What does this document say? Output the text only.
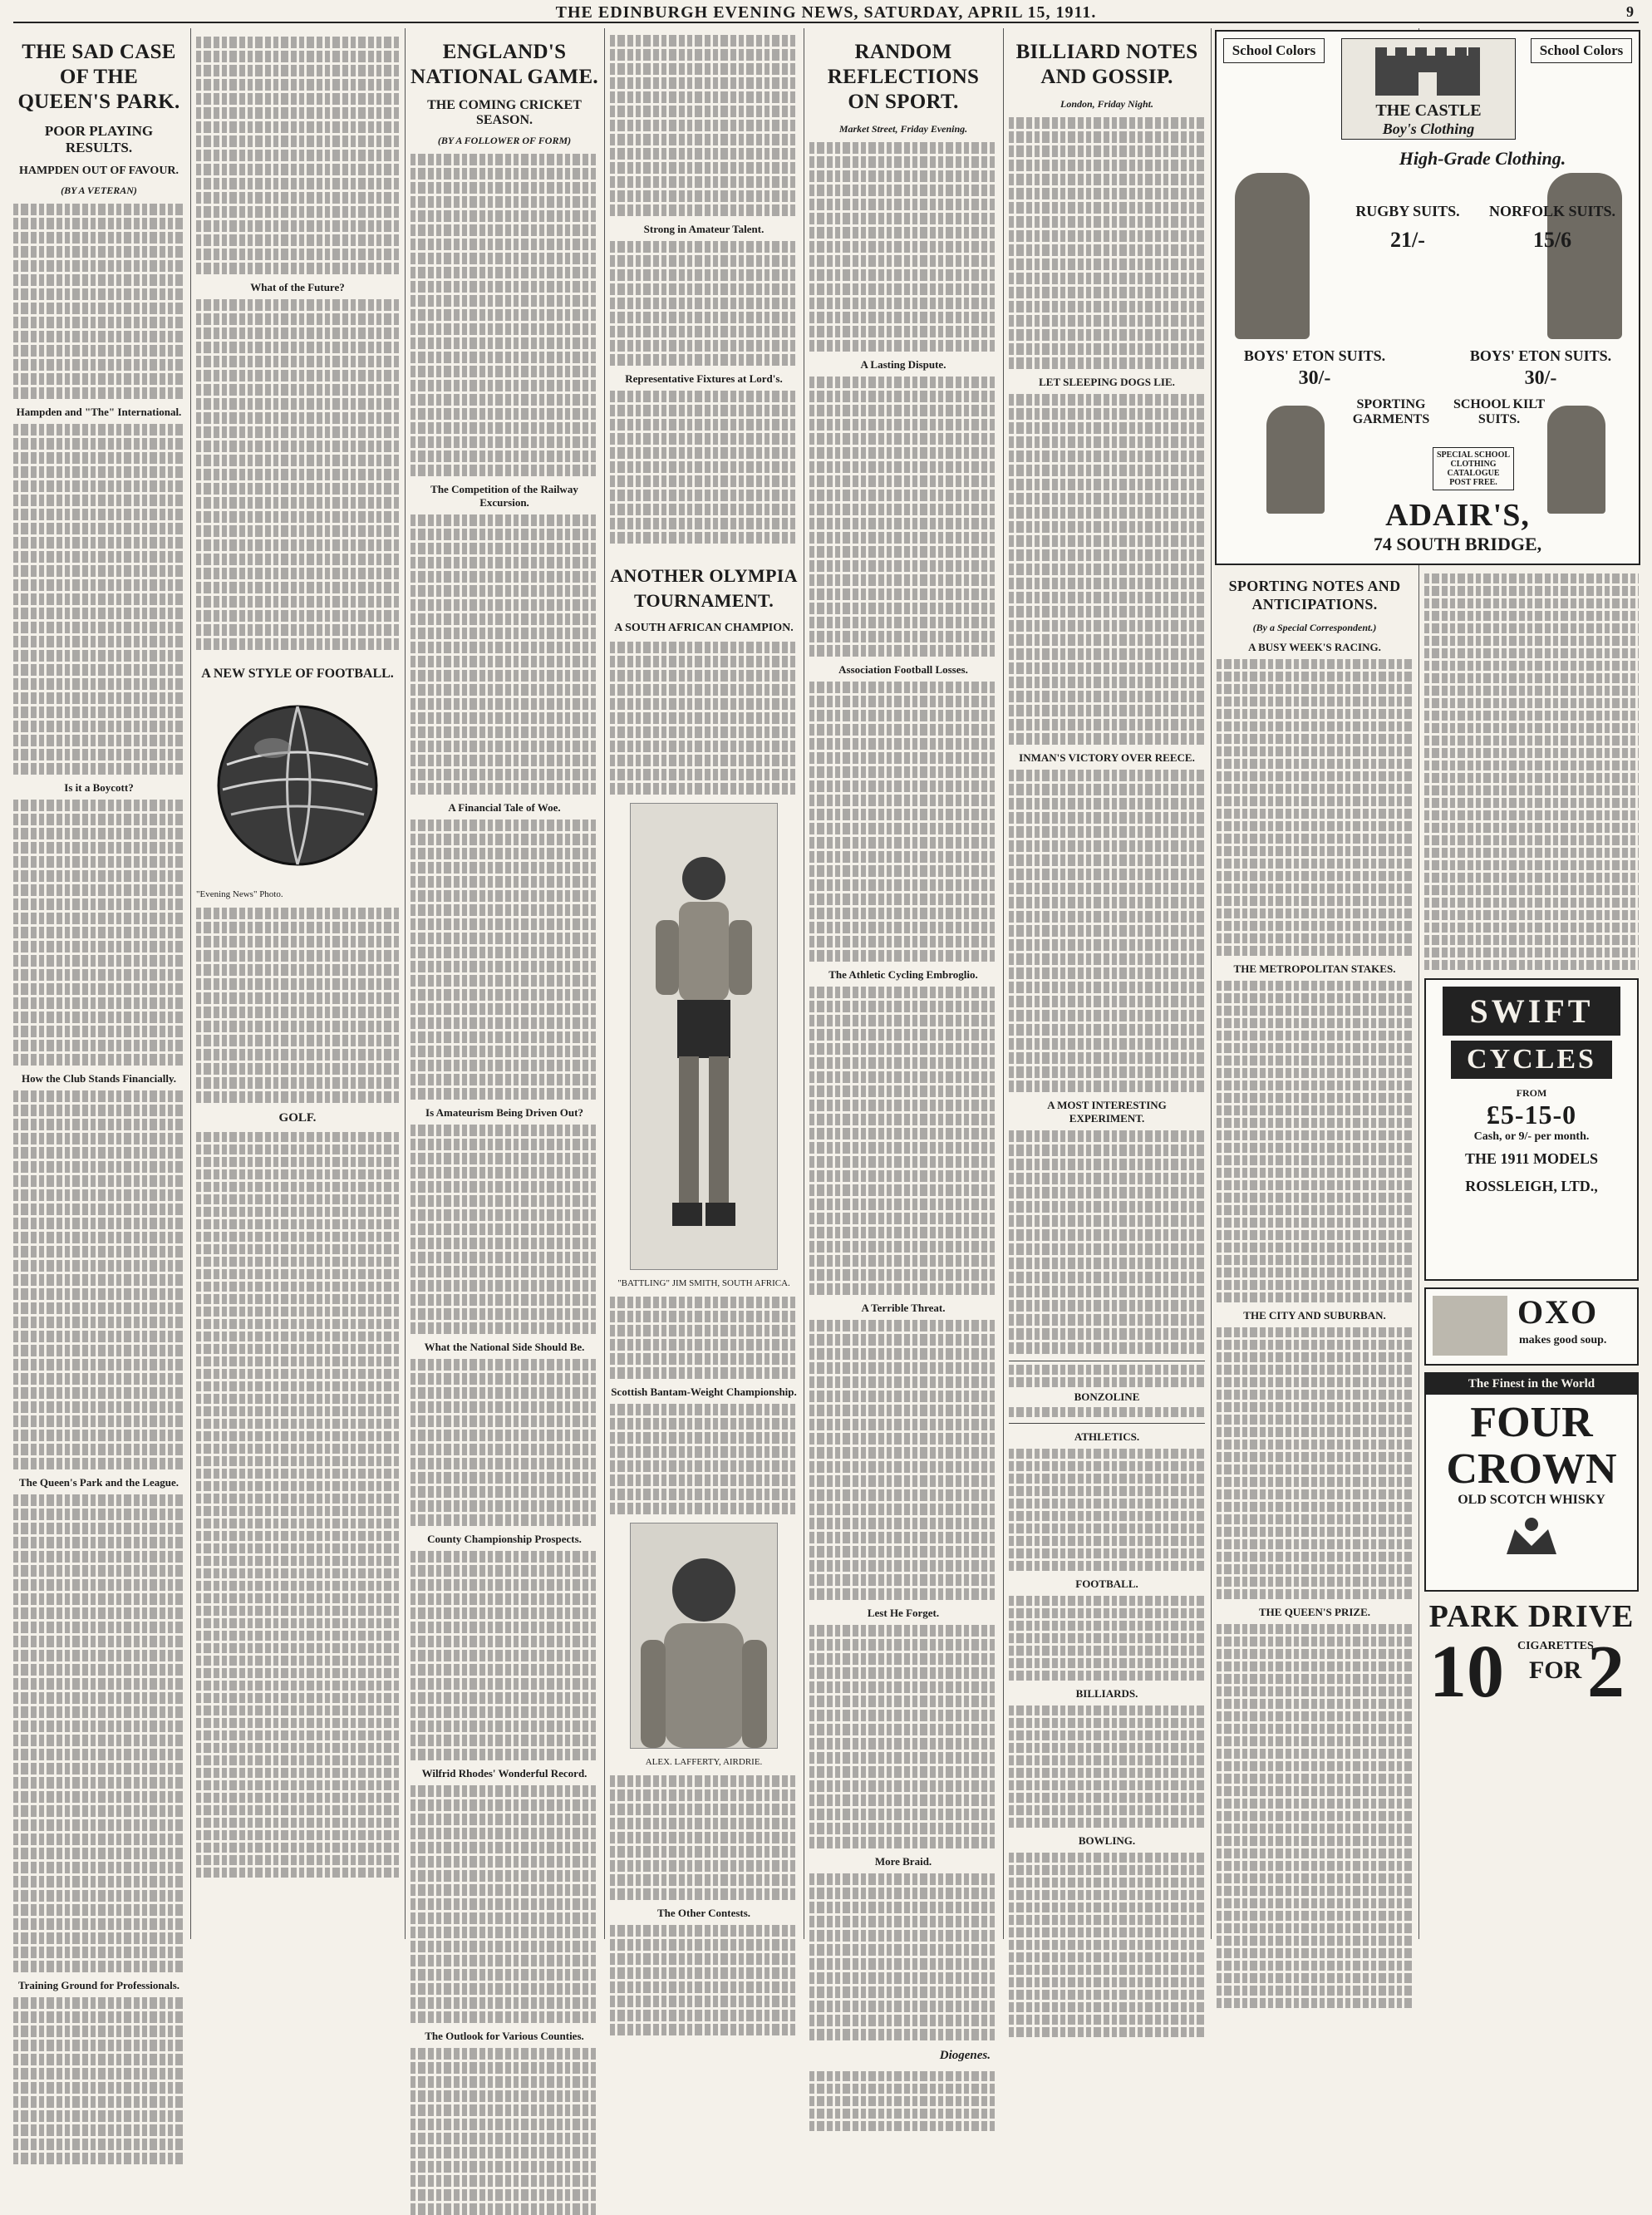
THE EDINBURGH EVENING NEWS, SATURDAY, APRIL 15, 1911.	9
THE SAD CASE OF THE QUEEN'S PARK.
POOR PLAYING RESULTS.
HAMPDEN OUT OF FAVOUR.
(BY A VETERAN)
Hampden and "The" International.
Is it a Boycott?
How the Club Stands Financially.
The Queen's Park and the League.
Training Ground for Professionals.
What of the Future?
A NEW STYLE OF FOOTBALL.
"Evening News" Photo.
GOLF.
ENGLAND'S NATIONAL GAME.
THE COMING CRICKET SEASON.
(BY A FOLLOWER OF FORM)
The Competition of the Railway Excursion.
A Financial Tale of Woe.
Is Amateurism Being Driven Out?
What the National Side Should Be.
County Championship Prospects.
Wilfrid Rhodes' Wonderful Record.
The Outlook for Various Counties.
Strong in Amateur Talent.
Representative Fixtures at Lord's.
ANOTHER OLYMPIA TOURNAMENT.
A SOUTH AFRICAN CHAMPION.
"BATTLING" JIM SMITH, SOUTH AFRICA.
Scottish Bantam-Weight Championship.
ALEX. LAFFERTY, AIRDRIE.
The Other Contests.
RANDOM REFLECTIONS ON SPORT.
Market Street, Friday Evening.
A Lasting Dispute.
Association Football Losses.
The Athletic Cycling Embroglio.
A Terrible Threat.
Lest He Forget.
More Braid.
Diogenes.
BILLIARD NOTES AND GOSSIP.
London, Friday Night.
LET SLEEPING DOGS LIE.
INMAN'S VICTORY OVER REECE.
A MOST INTERESTING EXPERIMENT.
BONZOLINE
ATHLETICS.
FOOTBALL.
BILLIARDS.
BOWLING.
School Colors	School Colors
THE CASTLE
Boy's Clothing
High-Grade Clothing.
RUGBY SUITS.
21/-
NORFOLK SUITS.
15/6
BOYS' ETON SUITS.
30/-
BOYS' ETON SUITS.
30/-
SPORTING GARMENTS
SCHOOL KILT SUITS.
SPECIAL SCHOOL CLOTHING CATALOGUE POST FREE.
ADAIR'S,
74 SOUTH BRIDGE,
SPORTING NOTES AND ANTICIPATIONS.
(By a Special Correspondent.)
A BUSY WEEK'S RACING.
THE METROPOLITAN STAKES.
THE CITY AND SUBURBAN.
THE QUEEN'S PRIZE.
SWIFT
CYCLES
FROM
£5-15-0
Cash, or 9/- per month.
THE 1911 MODELS
ROSSLEIGH, LTD.,
OXO
makes good soup.
The Finest in the World
FOUR
CROWN
OLD SCOTCH WHISKY
PARK DRIVE
10 CIGARETTES
FOR 2
